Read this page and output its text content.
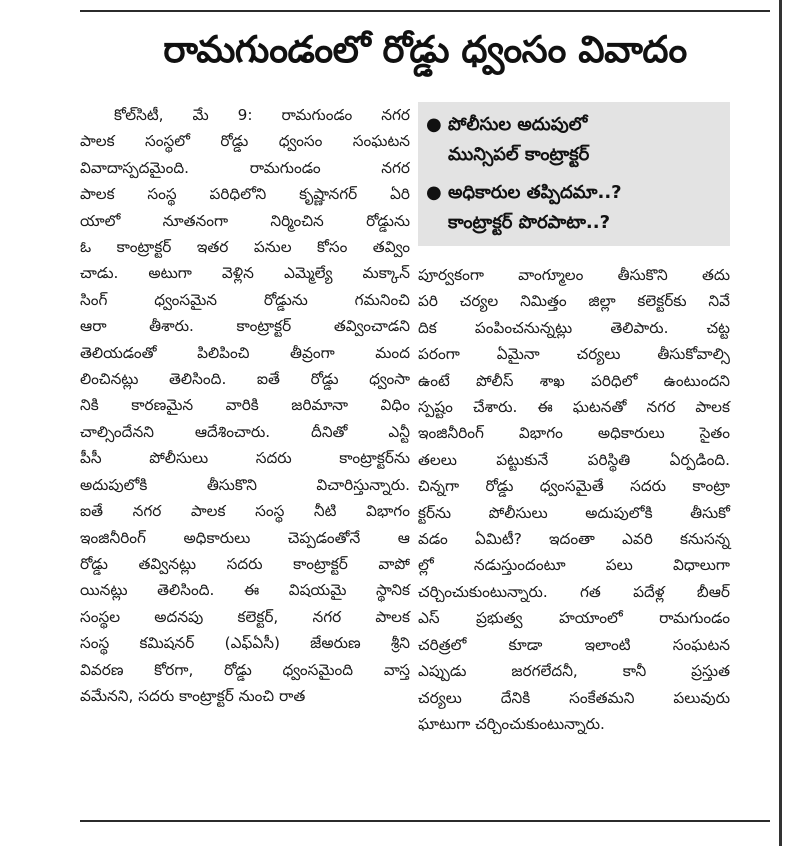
రామగుండంలో రోడ్డు ధ్వంసం వివాదం
● పోలీసుల అదుపులో
మున్సిపల్ కాంట్రాక్టర్
● అధికారుల తప్పిదమా..?
కాంట్రాక్టర్ పొరపాటా..?
కోల్‌సిటీ, మే 9: రామగుండం నగర
పాలక సంస్థలో రోడ్డు ధ్వంసం సంఘటన
వివాదాస్పదమైంది. రామగుండం నగర
పాలక సంస్థ పరిధిలోని కృష్ణానగర్ ఏరి
యాలో నూతనంగా నిర్మించిన రోడ్డును
ఓ కాంట్రాక్టర్ ఇతర పనుల కోసం తవ్విం
చాడు. అటుగా వెళ్లిన ఎమ్మెల్యే మక్కాన్
సింగ్ ధ్వంసమైన రోడ్డును గమనించి
ఆరా తీశారు. కాంట్రాక్టర్ తవ్వించాడని
తెలియడంతో పిలిపించి తీవ్రంగా మంద
లించినట్లు తెలిసింది. ఐతే రోడ్డు ధ్వంసా
నికి కారణమైన వారికి జరిమానా విధిం
చాల్సిందేనని ఆదేశించారు. దీనితో ఎన్టీ
పీసీ పోలీసులు సదరు కాంట్రాక్టర్‌ను
అదుపులోకి తీసుకొని విచారిస్తున్నారు.
ఐతే నగర పాలక సంస్థ నీటి విభాగం
ఇంజినీరింగ్ అధికారులు చెప్పడంతోనే ఆ
రోడ్డు తవ్వినట్లు సదరు కాంట్రాక్టర్ వాపో
యినట్లు తెలిసింది. ఈ విషయమై స్థానిక
సంస్థల అదనపు కలెక్టర్, నగర పాలక
సంస్థ కమిషనర్ (ఎఫ్ఏసీ) జేఅరుణ శ్రీని
వివరణ కోరగా, రోడ్డు ధ్వంసమైంది వాస్త
వమేనని, సదరు కాంట్రాక్టర్ నుంచి రాత
పూర్వకంగా వాంగ్మూలం తీసుకొని తదు
పరి చర్యల నిమిత్తం జిల్లా కలెక్టర్‌కు నివే
దిక పంపించనున్నట్లు తెలిపారు. చట్ట
పరంగా ఏమైనా చర్యలు తీసుకోవాల్సి
ఉంటే పోలీస్ శాఖ పరిధిలో ఉంటుందని
స్పష్టం చేశారు. ఈ ఘటనతో నగర పాలక
ఇంజినీరింగ్ విభాగం అధికారులు సైతం
తలలు పట్టుకునే పరిస్థితి ఏర్పడింది.
చిన్నగా రోడ్డు ధ్వంసమైతే సదరు కాంట్రా
క్టర్‌ను పోలీసులు అదుపులోకి తీసుకో
వడం ఏమిటీ? ఇదంతా ఎవరి కనుసన్న
ల్లో నడుస్తుందంటూ పలు విధాలుగా
చర్చించుకుంటున్నారు. గత పదేళ్ల బీఆర్
ఎస్ ప్రభుత్వ హయాంలో రామగుండం
చరిత్రలో కూడా ఇలాంటి సంఘటన
ఎప్పుడు జరగలేదనీ, కానీ ప్రస్తుత
చర్యలు దేనికి సంకేతమని పలువురు
ఘాటుగా చర్చించుకుంటున్నారు.
